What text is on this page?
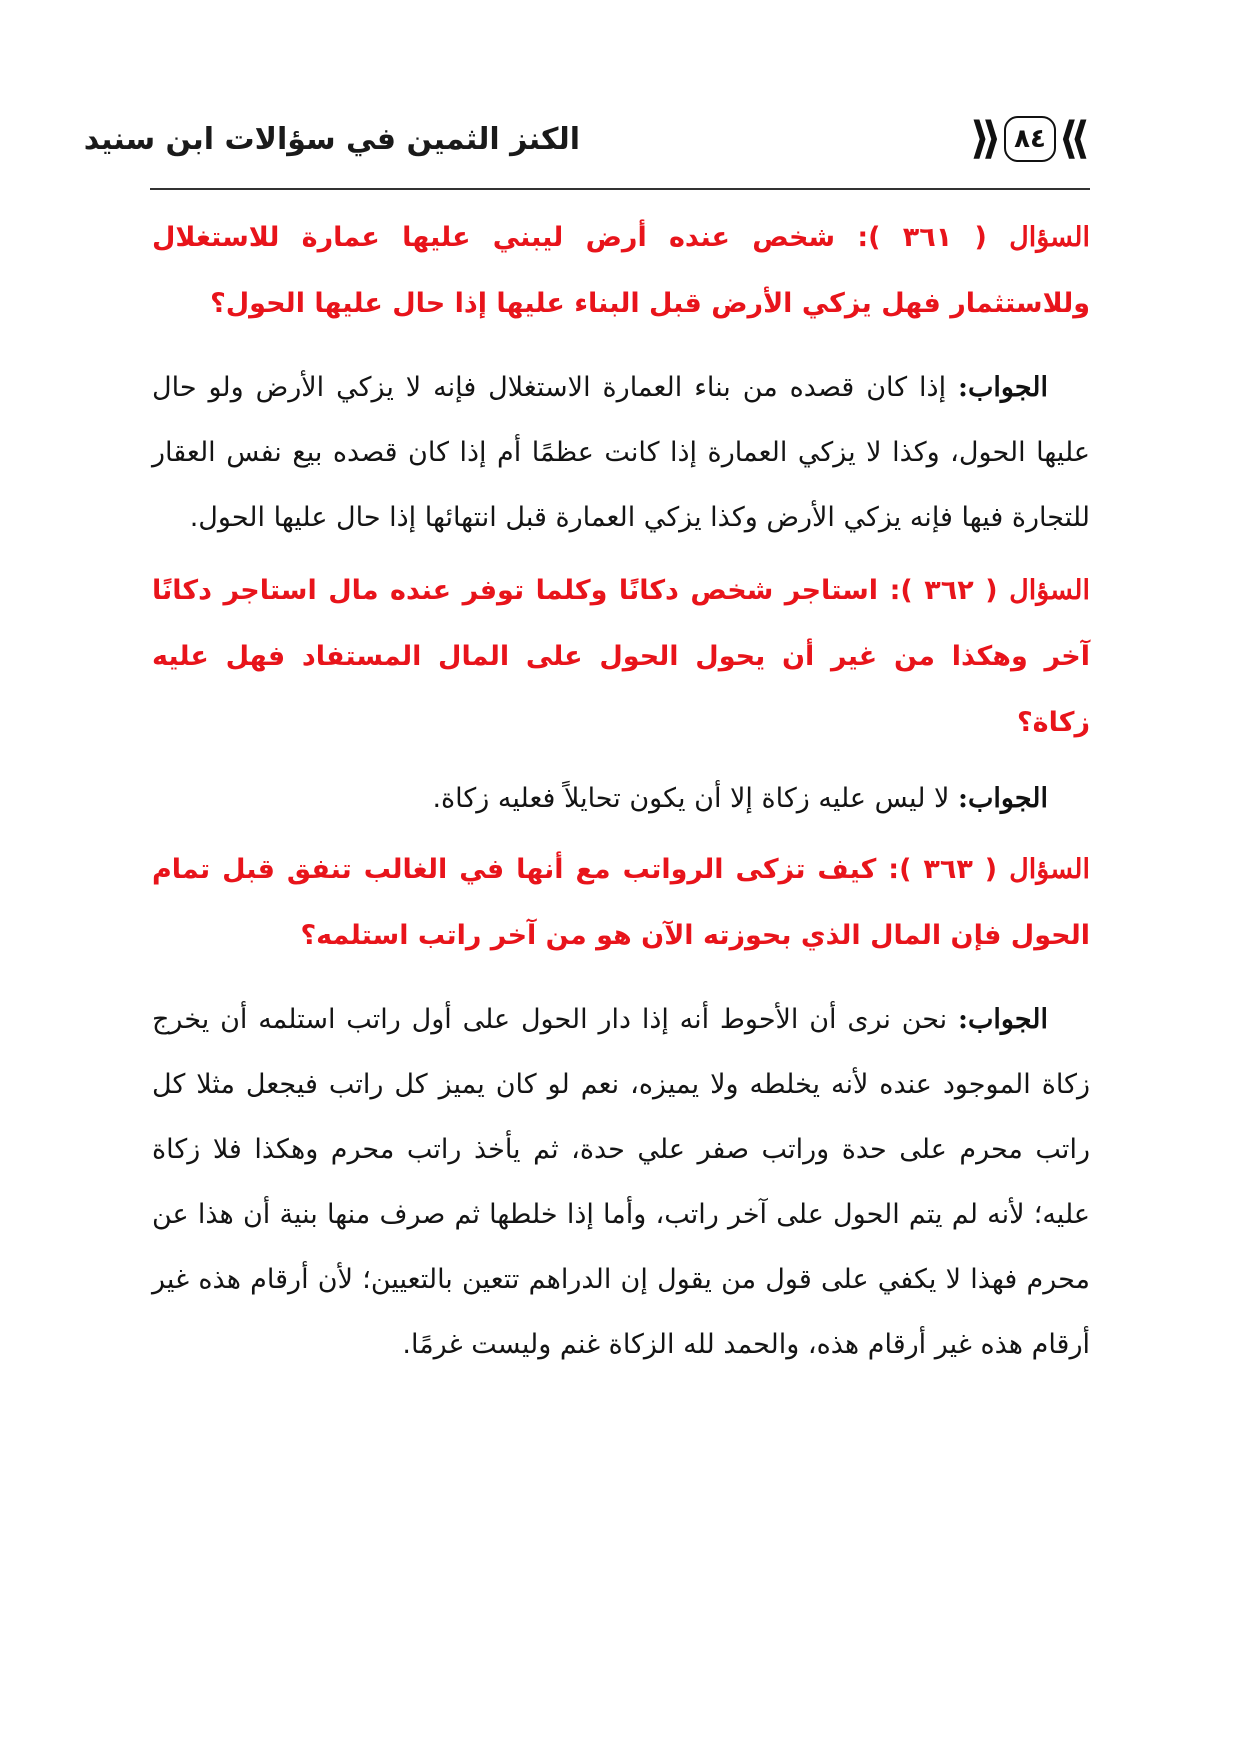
الكنز الثمين في سؤالات ابن سنيد	⟫
٨٤
⟪

السؤال ( ٣٦١ ): شخص عنده أرض ليبني عليها عمارة للاستغلال وللاستثمار فهل يزكي الأرض قبل البناء عليها إذا حال عليها الحول؟

الجواب: إذا كان قصده من بناء العمارة الاستغلال فإنه لا يزكي الأرض ولو حال عليها الحول، وكذا لا يزكي العمارة إذا كانت عظمًا أم إذا كان قصده بيع نفس العقار للتجارة فيها فإنه يزكي الأرض وكذا يزكي العمارة قبل انتهائها إذا حال عليها الحول.

السؤال ( ٣٦٢ ): استاجر شخص دكانًا وكلما توفر عنده مال استاجر دكانًا آخر وهكذا من غير أن يحول الحول على المال المستفاد فهل عليه زكاة؟

الجواب: لا ليس عليه زكاة إلا أن يكون تحايلاً فعليه زكاة.

السؤال ( ٣٦٣ ): كيف تزكى الرواتب مع أنها في الغالب تنفق قبل تمام الحول فإن المال الذي بحوزته الآن هو من آخر راتب استلمه؟

الجواب: نحن نرى أن الأحوط أنه إذا دار الحول على أول راتب استلمه أن يخرج زكاة الموجود عنده لأنه يخلطه ولا يميزه، نعم لو كان يميز كل راتب فيجعل مثلا كل راتب محرم على حدة وراتب صفر علي حدة، ثم يأخذ راتب محرم وهكذا فلا زكاة عليه؛ لأنه لم يتم الحول على آخر راتب، وأما إذا خلطها ثم صرف منها بنية أن هذا عن محرم فهذا لا يكفي على قول من يقول إن الدراهم تتعين بالتعيين؛ لأن أرقام هذه غير أرقام هذه غير أرقام هذه، والحمد لله الزكاة غنم وليست غرمًا.
